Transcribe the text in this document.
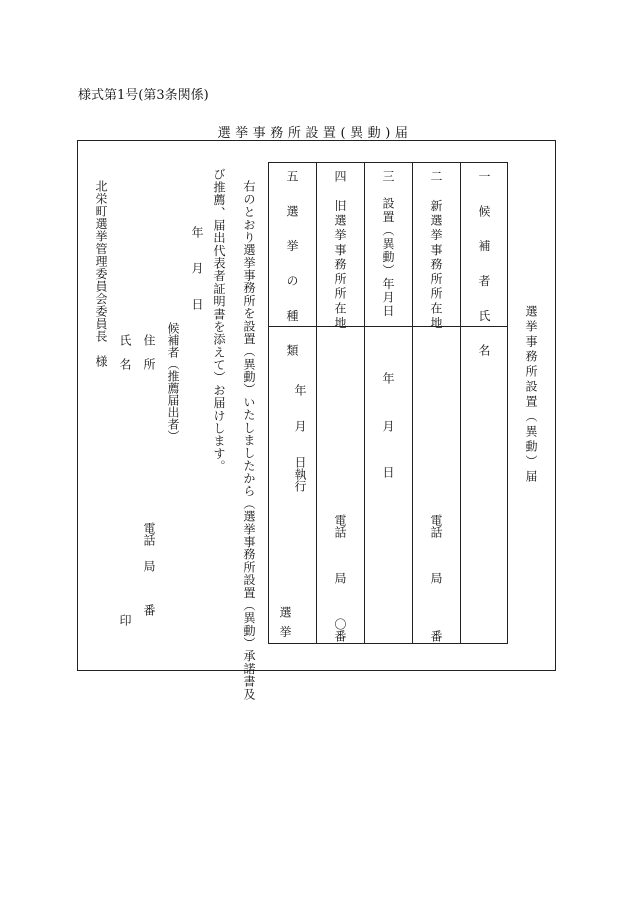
様式第1号(第3条関係)
選挙事務所設置(異動)届
選挙事務所設置︵異動︶届
一　候　補　者　氏　名
二　新選挙事務所所在地
電話
局
番
三　設置︵異動︶年月日
年
月
日
四　旧選挙事務所所在地
電話
局
〇番
五　選　挙　の　種　類
年
月
日執行
選挙
右のとおり選挙事務所を設置︵異動︶いたしましたから︵選挙事務所設置︵異動︶承諾書及
び推薦、届出代表者証明書を添えて︶お届けします。
年
月
日
候補者︵推薦届出者︶
住　所
電話
局
番
氏　名
印
北栄町選挙管理委員会委員長　様
